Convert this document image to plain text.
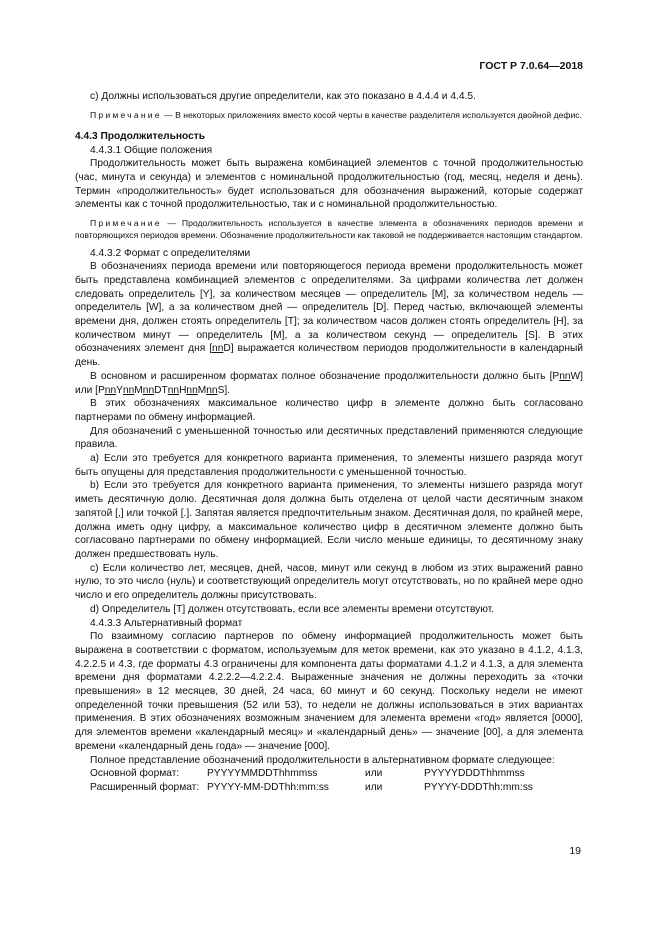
ГОСТ Р 7.0.64—2018

c) Должны использоваться другие определители, как это показано в 4.4.4 и 4.4.5.

Примечание — В некоторых приложениях вместо косой черты в качестве разделителя используется двойной дефис.

4.4.3 Продолжительность

4.4.3.1 Общие положения

Продолжительность может быть выражена комбинацией элементов с точной продолжительностью (час, минута и секунда) и элементов с номинальной продолжительностью (год, месяц, неделя и день). Термин «продолжительность» будет использоваться для обозначения выражений, которые содержат элементы как с точной продолжительностью, так и с номинальной продолжительностью.

Примечание — Продолжительность используется в качестве элемента в обозначениях периодов времени и повторяющихся периодов времени. Обозначение продолжительности как таковой не поддерживается настоящим стандартом.

4.4.3.2 Формат с определителями

В обозначениях периода времени или повторяющегося периода времени продолжительность может быть представлена комбинацией элементов с определителями. За цифрами количества лет должен следовать определитель [Y], за количеством месяцев — определитель [M], за количеством недель — определитель [W], а за количеством дней — определитель [D]. Перед частью, включающей элементы времени дня, должен стоять определитель [T]; за количеством часов должен стоять определитель [H], за количеством минут — определитель [M], а за количеством секунд — определитель [S]. В этих обозначениях элемент дня [nnD] выражается количеством периодов продолжительности в календарный день.

В основном и расширенном форматах полное обозначение продолжительности должно быть [PnnW] или [PnnYnnMnnDTnnHnnMnnS].

В этих обозначениях максимальное количество цифр в элементе должно быть согласовано партнерами по обмену информацией.

Для обозначений с уменьшенной точностью или десятичных представлений применяются следующие правила.

a) Если это требуется для конкретного варианта применения, то элементы низшего разряда могут быть опущены для представления продолжительности с уменьшенной точностью.

b) Если это требуется для конкретного варианта применения, то элементы низшего разряда могут иметь десятичную долю. Десятичная доля должна быть отделена от целой части десятичным знаком запятой [,] или точкой [.]. Запятая является предпочтительным знаком. Десятичная доля, по крайней мере, должна иметь одну цифру, а максимальное количество цифр в десятичном элементе должно быть согласовано партнерами по обмену информацией. Если число меньше единицы, то десятичному знаку должен предшествовать нуль.

c) Если количество лет, месяцев, дней, часов, минут или секунд в любом из этих выражений равно нулю, то это число (нуль) и соответствующий определитель могут отсутствовать, но по крайней мере одно число и его определитель должны присутствовать.

d) Определитель [T] должен отсутствовать, если все элементы времени отсутствуют.

4.4.3.3 Альтернативный формат

По взаимному согласию партнеров по обмену информацией продолжительность может быть выражена в соответствии с форматом, используемым для меток времени, как это указано в 4.1.2, 4.1.3, 4.2.2.5 и 4.3, где форматы 4.3 ограничены для компонента даты форматами 4.1.2 и 4.1.3, а для элемента времени дня форматами 4.2.2.2—4.2.2.4. Выраженные значения не должны переходить за «точки превышения» в 12 месяцев, 30 дней, 24 часа, 60 минут и 60 секунд. Поскольку недели не имеют определенной точки превышения (52 или 53), то недели не должны использоваться в этих вариантах применения. В этих обозначениях возможным значением для элемента времени «год» является [0000], для элементов времени «календарный месяц» и «календарный день» — значение [00], а для элемента времени «календарный день года» — значение [000].

Полное представление обозначений продолжительности в альтернативном формате следующее:

Основной формат:	PYYYYMMDDThhmmss	или	PYYYYDDDThhmmss
Расширенный формат: PYYYY-MM-DDThh:mm:ss	или	PYYYY-DDDThh:mm:ss
19
